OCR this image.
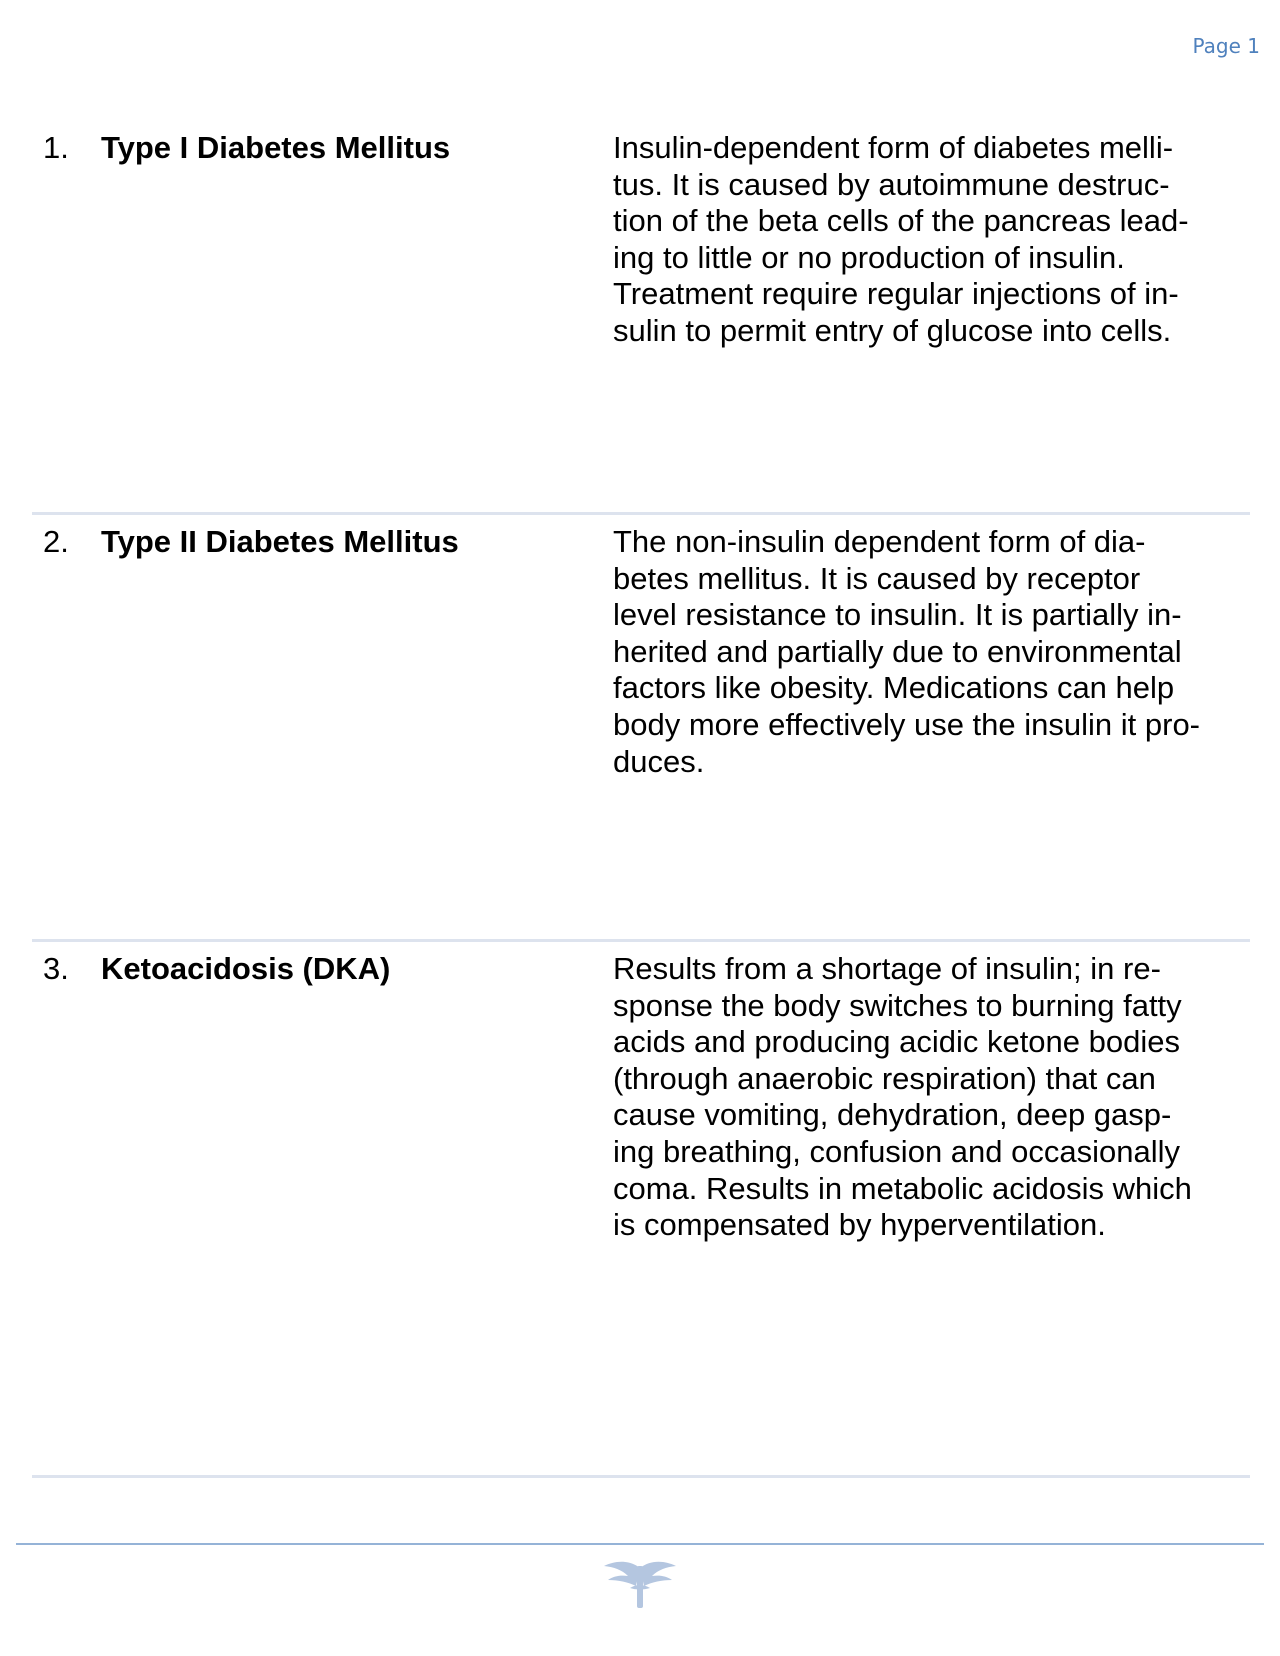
Page 1
1. Type I Diabetes Mellitus	Insulin-dependent form of diabetes melli-
tus. It is caused by autoimmune destruc-
tion of the beta cells of the pancreas lead-
ing to little or no production of insulin.
Treatment require regular injections of in-
sulin to permit entry of glucose into cells.
2. Type II Diabetes Mellitus	The non-insulin dependent form of dia-
betes mellitus. It is caused by receptor
level resistance to insulin. It is partially in-
herited and partially due to environmental
factors like obesity. Medications can help
body more effectively use the insulin it pro-
duces.
3. Ketoacidosis (DKA)	Results from a shortage of insulin; in re-
sponse the body switches to burning fatty
acids and producing acidic ketone bodies
(through anaerobic respiration) that can
cause vomiting, dehydration, deep gasp-
ing breathing, confusion and occasionally
coma. Results in metabolic acidosis which
is compensated by hyperventilation.
